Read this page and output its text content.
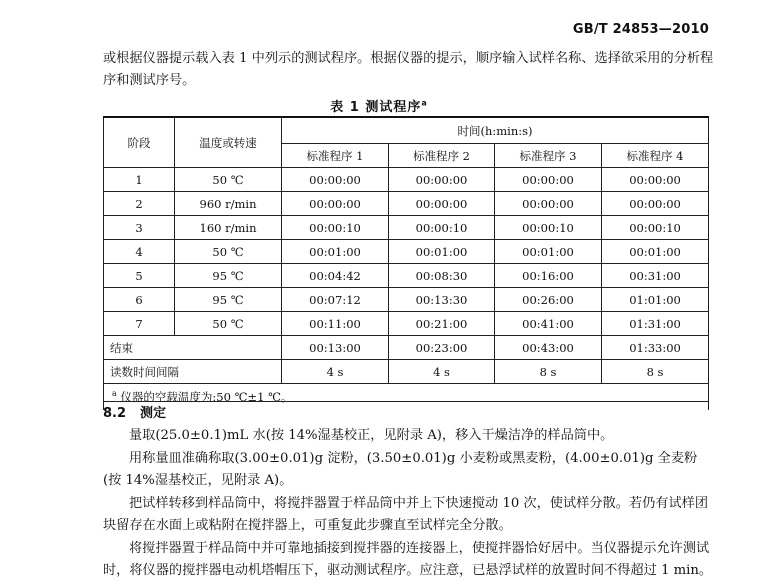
GB/T 24853—2010
或根据仪器提示载入表 1 中列示的测试程序。根据仪器的提示，顺序输入试样名称、选择欲采用的分析程序和测试序号。
表 1 测试程序$^a$
阶段	温度或转速	时间(h:min:s)			
		标准程序 1	标准程序 2	标准程序 3	标准程序 4
1	50 ℃	00:00:00	00:00:00	00:00:00	00:00:00
2	960 r/min	00:00:00	00:00:00	00:00:00	00:00:00
3	160 r/min	00:00:10	00:00:10	00:00:10	00:00:10
4	50 ℃	00:01:00	00:01:00	00:01:00	00:01:00
5	95 ℃	00:04:42	00:08:30	00:16:00	00:31:00
6	95 ℃	00:07:12	00:13:30	00:26:00	01:01:00
7	50 ℃	00:11:00	00:21:00	00:41:00	01:31:00
结束		00:13:00	00:23:00	00:43:00	01:33:00
读数时间间隔		4 s	4 s	8 s	8 s
$^a$ 仪器的空载温度为:50 ℃±1 ℃。					
8.2 测定

量取(25.0±0.1)mL 水(按 14%湿基校正，见附录 A)，移入干燥洁净的样品筒中。

用称量皿准确称取(3.00±0.01)g 淀粉，(3.50±0.01)g 小麦粉或黑麦粉，(4.00±0.01)g 全麦粉(按 14%湿基校正，见附录 A)。

把试样转移到样品筒中，将搅拌器置于样品筒中并上下快速搅动 10 次，使试样分散。若仍有试样团块留存在水面上或粘附在搅拌器上，可重复此步骤直至试样完全分散。

将搅拌器置于样品筒中并可靠地插接到搅拌器的连接器上，使搅拌器恰好居中。当仪器提示允许测试时，将仪器的搅拌器电动机塔帽压下，驱动测试程序。应注意，已悬浮试样的放置时间不得超过 1 min。
